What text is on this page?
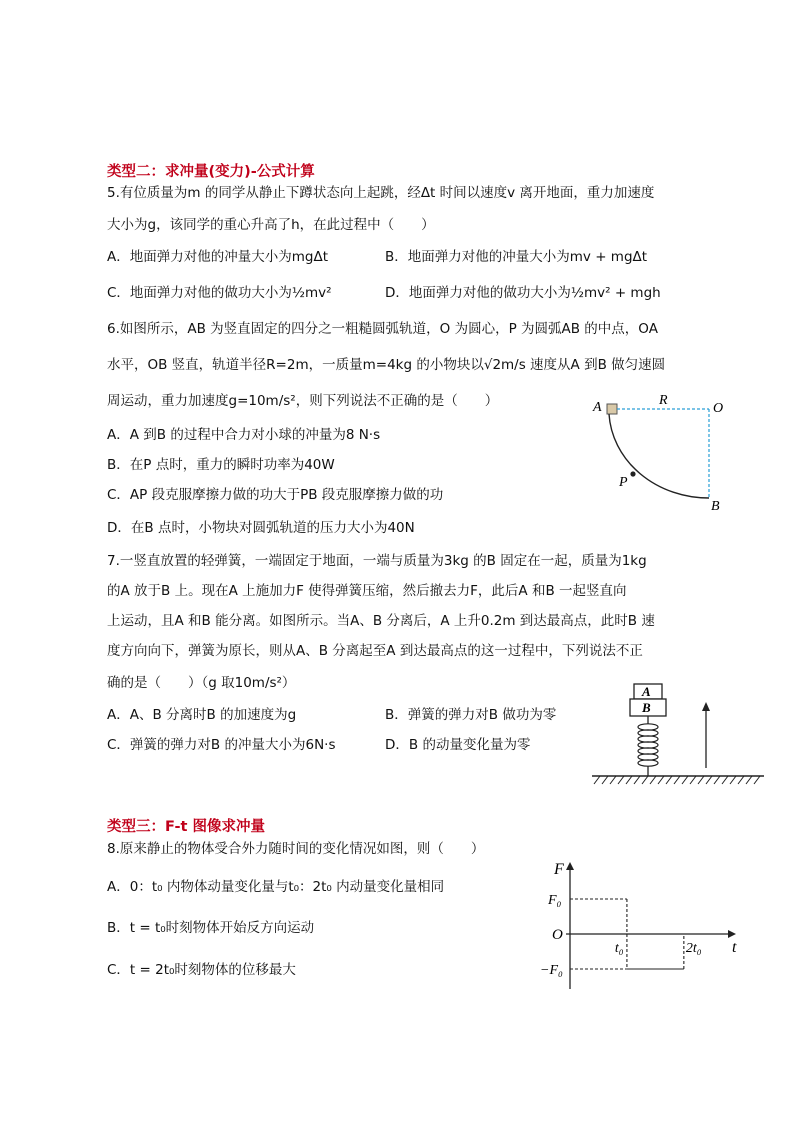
类型二：求冲量(变力)-公式计算
5.有位质量为m 的同学从静止下蹲状态向上起跳，经Δt 时间以速度v 离开地面，重力加速度
大小为g，该同学的重心升高了h，在此过程中（　　）
A．地面弹力对他的冲量大小为mgΔt	B．地面弹力对他的冲量大小为mv + mgΔt
C．地面弹力对他的做功大小为½mv²	D．地面弹力对他的做功大小为½mv² + mgh
6.如图所示，AB 为竖直固定的四分之一粗糙圆弧轨道，O 为圆心，P 为圆弧AB 的中点，OA
水平，OB 竖直，轨道半径R=2m，一质量m=4kg 的小物块以√2m/s 速度从A 到B 做匀速圆
周运动，重力加速度g=10m/s²，则下列说法不正确的是（　　）
A．A 到B 的过程中合力对小球的冲量为8 N·s
B．在P 点时，重力的瞬时功率为40W
C．AP 段克服摩擦力做的功大于PB 段克服摩擦力做的功
D．在B 点时，小物块对圆弧轨道的压力大小为40N
A	R
O
P
B
7.一竖直放置的轻弹簧，一端固定于地面，一端与质量为3kg 的B 固定在一起，质量为1kg
的A 放于B 上。现在A 上施加力F 使得弹簧压缩，然后撤去力F，此后A 和B 一起竖直向
上运动，且A 和B 能分离。如图所示。当A、B 分离后，A 上升0.2m 到达最高点，此时B 速
度方向向下，弹簧为原长，则从A、B 分离起至A 到达最高点的这一过程中，下列说法不正
确的是（　　）（g 取10m/s²）
A．A、B 分离时B 的加速度为g	B．弹簧的弹力对B 做功为零
C．弹簧的弹力对B 的冲量大小为6N·s	D．B 的动量变化量为零
A
B
类型三：F-t 图像求冲量
8.原来静止的物体受合外力随时间的变化情况如图，则（　　）
A．0：t₀ 内物体动量变化量与t₀：2t₀ 内动量变化量相同
B．t = t₀时刻物体开始反方向运动
C．t = 2t₀时刻物体的位移最大
F
t
F₀
O
−F₀
t₀	2t₀
